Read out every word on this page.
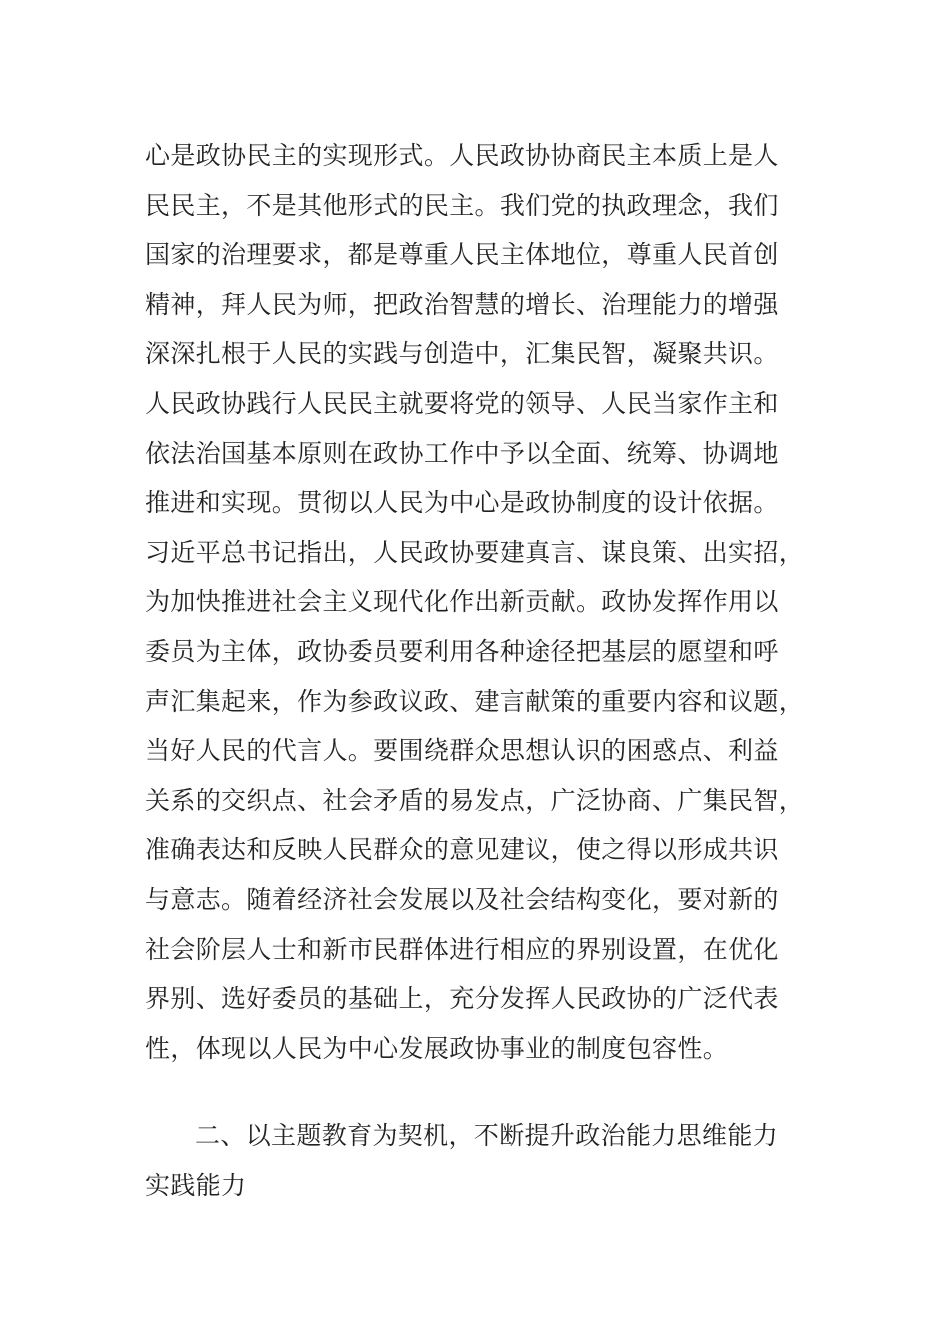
心是政协民主的实现形式。人民政协协商民主本质上是人
民民主，不是其他形式的民主。我们党的执政理念，我们
国家的治理要求，都是尊重人民主体地位，尊重人民首创
精神，拜人民为师，把政治智慧的增长、治理能力的增强
深深扎根于人民的实践与创造中，汇集民智，凝聚共识。
人民政协践行人民民主就要将党的领导、人民当家作主和
依法治国基本原则在政协工作中予以全面、统筹、协调地
推进和实现。贯彻以人民为中心是政协制度的设计依据。
习近平总书记指出，人民政协要建真言、谋良策、出实招，
为加快推进社会主义现代化作出新贡献。政协发挥作用以
委员为主体，政协委员要利用各种途径把基层的愿望和呼
声汇集起来，作为参政议政、建言献策的重要内容和议题，
当好人民的代言人。要围绕群众思想认识的困惑点、利益
关系的交织点、社会矛盾的易发点，广泛协商、广集民智，
准确表达和反映人民群众的意见建议，使之得以形成共识
与意志。随着经济社会发展以及社会结构变化，要对新的
社会阶层人士和新市民群体进行相应的界别设置，在优化
界别、选好委员的基础上，充分发挥人民政协的广泛代表
性，体现以人民为中心发展政协事业的制度包容性。
二、以主题教育为契机，不断提升政治能力思维能力
实践能力
